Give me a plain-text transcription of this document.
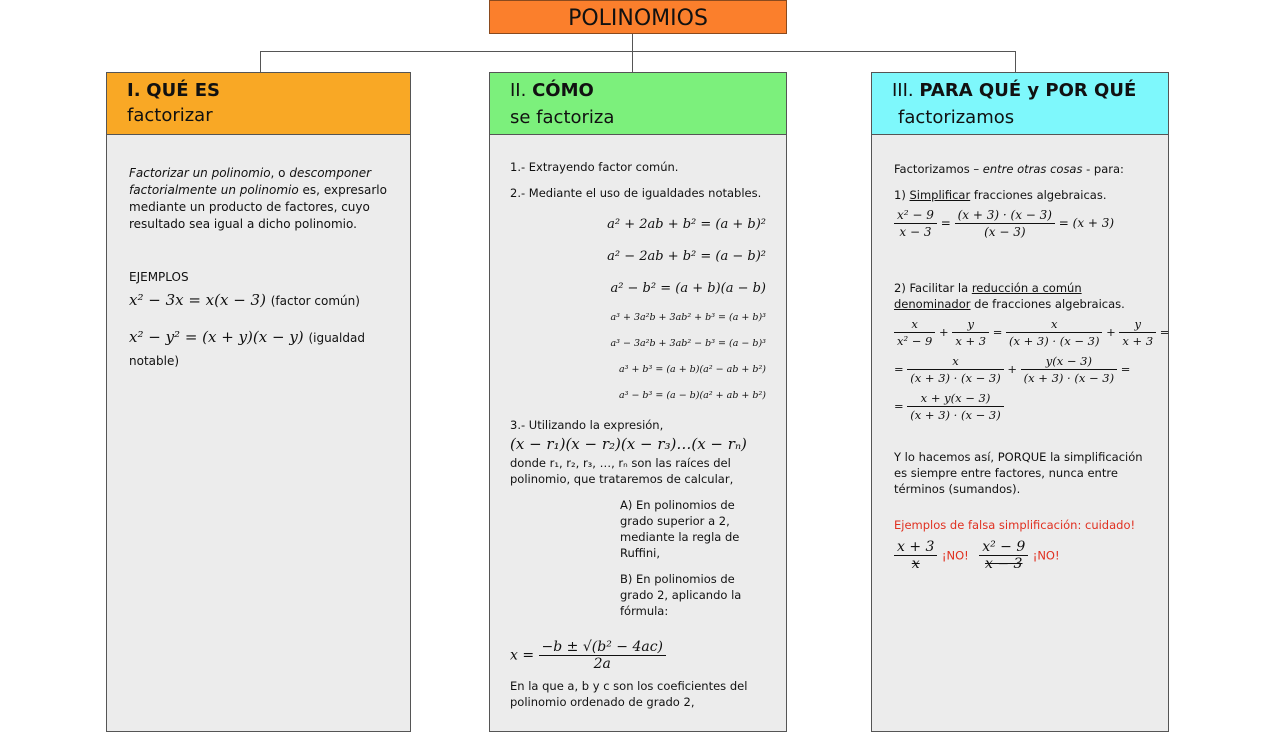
POLINOMIOS
I. QUÉ ES
factorizar

Factorizar un polinomio, o descomponer factorialmente un polinomio es, expresarlo mediante un producto de factores, cuyo resultado sea igual a dicho polinomio.

EJEMPLOS
x² − 3x = x(x − 3) (factor común)
x² − y² = (x + y)(x − y) (igualdad notable)
II. CÓMO
se factoriza
1.- Extrayendo factor común.
2.- Mediante el uso de igualdades notables.
a² + 2ab + b² = (a + b)²
a² − 2ab + b² = (a − b)²
a² − b² = (a + b)(a − b)
a³ + 3a²b + 3ab² + b³ = (a + b)³
a³ − 3a²b + 3ab² − b³ = (a − b)³
a³ + b³ = (a + b)(a² − ab + b²)
a³ − b³ = (a − b)(a² + ab + b²)
3.- Utilizando la expresión,
(x − r₁)(x − r₂)(x − r₃)…(x − rₙ)
donde r₁, r₂, r₃, …, rₙ son las raíces del polinomio, que trataremos de calcular,
A) En polinomios de grado superior a 2, mediante la regla de Ruffini,
B) En polinomios de grado 2, aplicando la fórmula:
$x = \frac{\text{−b ± √(b² − 4ac)}}{2a}$
En la que a, b y c son los coeficientes del polinomio ordenado de grado 2,
III. PARA QUÉ y POR QUÉ
factorizamos
Factorizamos – entre otras cosas - para:
1) Simplificar fracciones algebraicas.
$\frac{\text{x² − 9}}{x - 3} = \frac{(x + 3) \cdot (x - 3)}{(x - 3)} = (x + 3)$
2) Facilitar la reducción a común denominador de fracciones algebraicas.
$\frac{x}{\text{x² − 9}} + \frac{y}{x + 3} = \frac{x}{(x + 3) \cdot (x - 3)} + \frac{y}{x + 3}$ =
= $\frac{x}{(x + 3) \cdot (x - 3)} + \frac{y(x - 3)}{(x + 3) \cdot (x - 3)}$ =
= $\frac{x + y(x - 3)}{(x + 3) \cdot (x - 3)}$
Y lo hacemos así, PORQUE la simplificación es siempre entre factores, nunca entre términos (sumandos).
Ejemplos de falsa simplificación: cuidado!
$\frac{x + 3}{x}$ ¡NO! $\frac{\text{x² − 9}}{x - 3}$ ¡NO!
